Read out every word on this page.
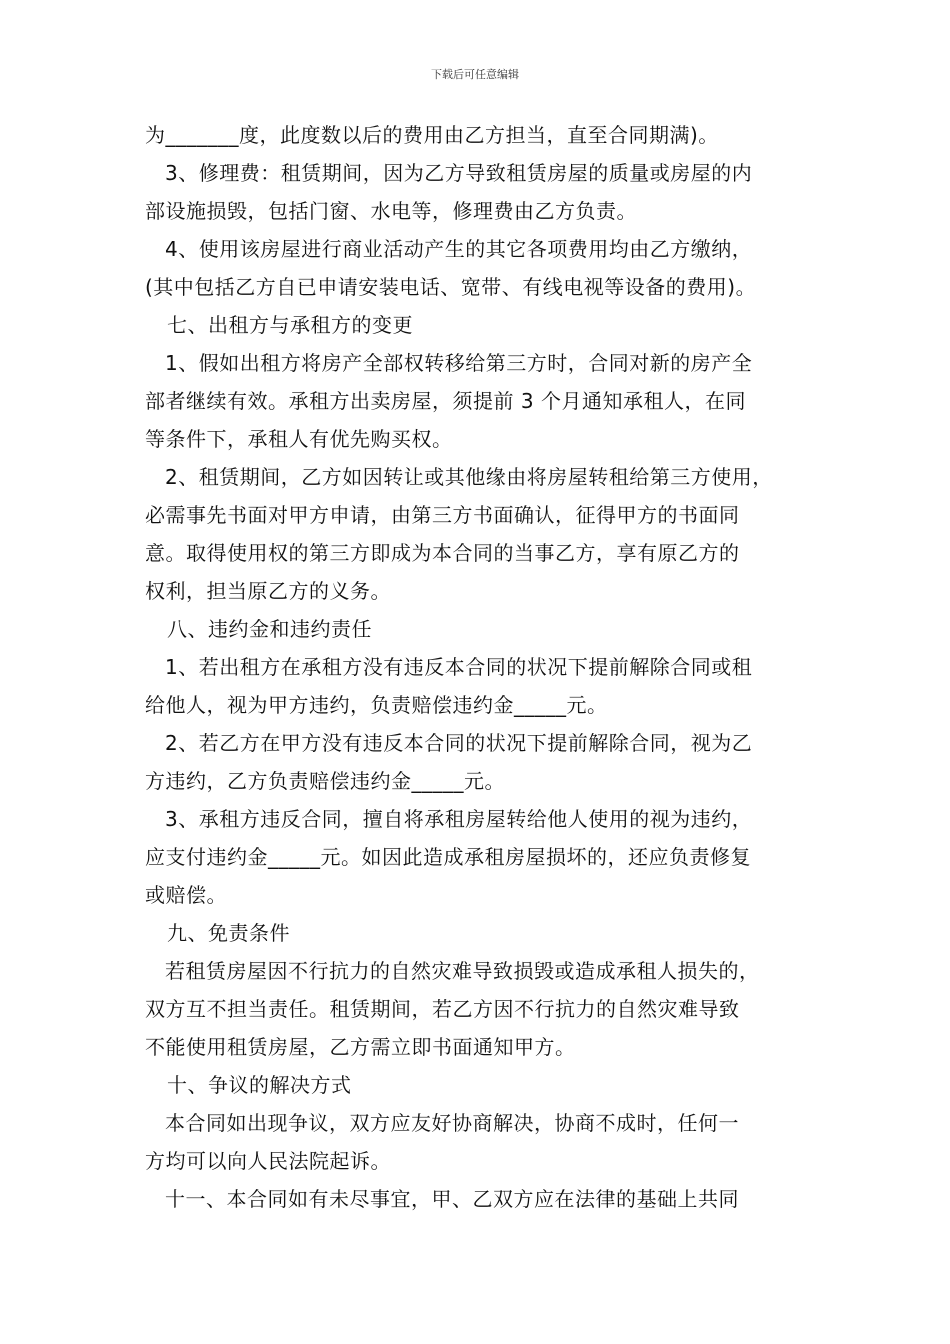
下载后可任意编辑
为_______度，此度数以后的费用由乙方担当，直至合同期满)。
3、修理费：租赁期间，因为乙方导致租赁房屋的质量或房屋的内
部设施损毁，包括门窗、水电等，修理费由乙方负责。
4、使用该房屋进行商业活动产生的其它各项费用均由乙方缴纳，
(其中包括乙方自已申请安装电话、宽带、有线电视等设备的费用)。
七、出租方与承租方的变更
1、假如出租方将房产全部权转移给第三方时，合同对新的房产全
部者继续有效。承租方出卖房屋，须提前 3 个月通知承租人，在同
等条件下，承租人有优先购买权。
2、租赁期间，乙方如因转让或其他缘由将房屋转租给第三方使用，
必需事先书面对甲方申请，由第三方书面确认，征得甲方的书面同
意。取得使用权的第三方即成为本合同的当事乙方，享有原乙方的
权利，担当原乙方的义务。
八、违约金和违约责任
1、若出租方在承租方没有违反本合同的状况下提前解除合同或租
给他人，视为甲方违约，负责赔偿违约金_____元。
2、若乙方在甲方没有违反本合同的状况下提前解除合同，视为乙
方违约，乙方负责赔偿违约金_____元。
3、承租方违反合同，擅自将承租房屋转给他人使用的视为违约，
应支付违约金_____元。如因此造成承租房屋损坏的，还应负责修复
或赔偿。
九、免责条件
若租赁房屋因不行抗力的自然灾难导致损毁或造成承租人损失的，
双方互不担当责任。租赁期间，若乙方因不行抗力的自然灾难导致
不能使用租赁房屋，乙方需立即书面通知甲方。
十、争议的解决方式
本合同如出现争议，双方应友好协商解决，协商不成时，任何一
方均可以向人民法院起诉。
十一、本合同如有未尽事宜，甲、乙双方应在法律的基础上共同
